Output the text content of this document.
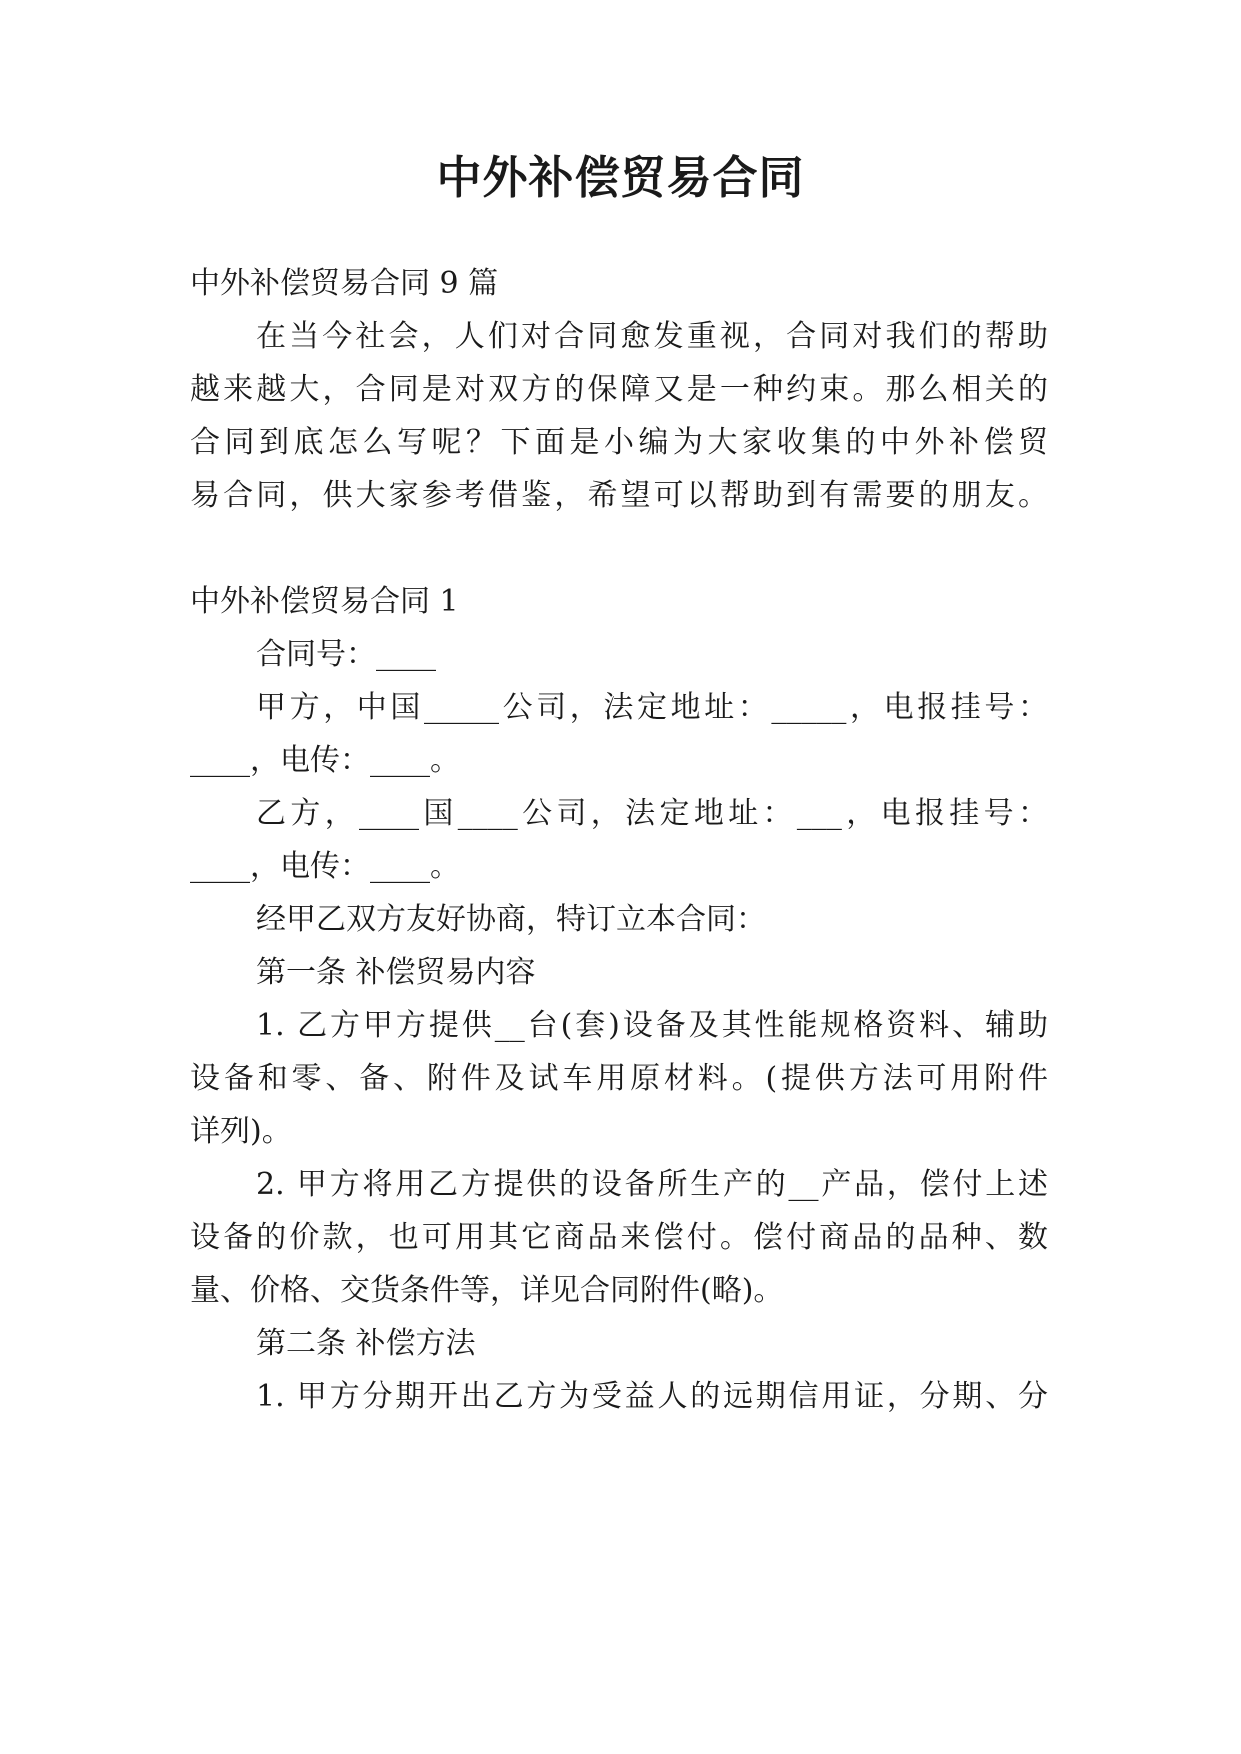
中外补偿贸易合同

中外补偿贸易合同 9 篇

在当今社会，人们对合同愈发重视，合同对我们的帮助

越来越大，合同是对双方的保障又是一种约束。那么相关的

合同到底怎么写呢？下面是小编为大家收集的中外补偿贸

易合同，供大家参考借鉴，希望可以帮助到有需要的朋友。

中外补偿贸易合同 1

合同号：____

甲方，中国_____公司，法定地址：_____，电报挂号：

____，电传：____。

乙方，____国____公司，法定地址：___，电报挂号：

____，电传：____。

经甲乙双方友好协商，特订立本合同：

第一条 补偿贸易内容

1. 乙方甲方提供__台(套)设备及其性能规格资料、辅助

设备和零、备、附件及试车用原材料。(提供方法可用附件

详列)。

2. 甲方将用乙方提供的设备所生产的__产品，偿付上述

设备的价款，也可用其它商品来偿付。偿付商品的品种、数

量、价格、交货条件等，详见合同附件(略)。

第二条 补偿方法

1. 甲方分期开出乙方为受益人的远期信用证，分期、分
